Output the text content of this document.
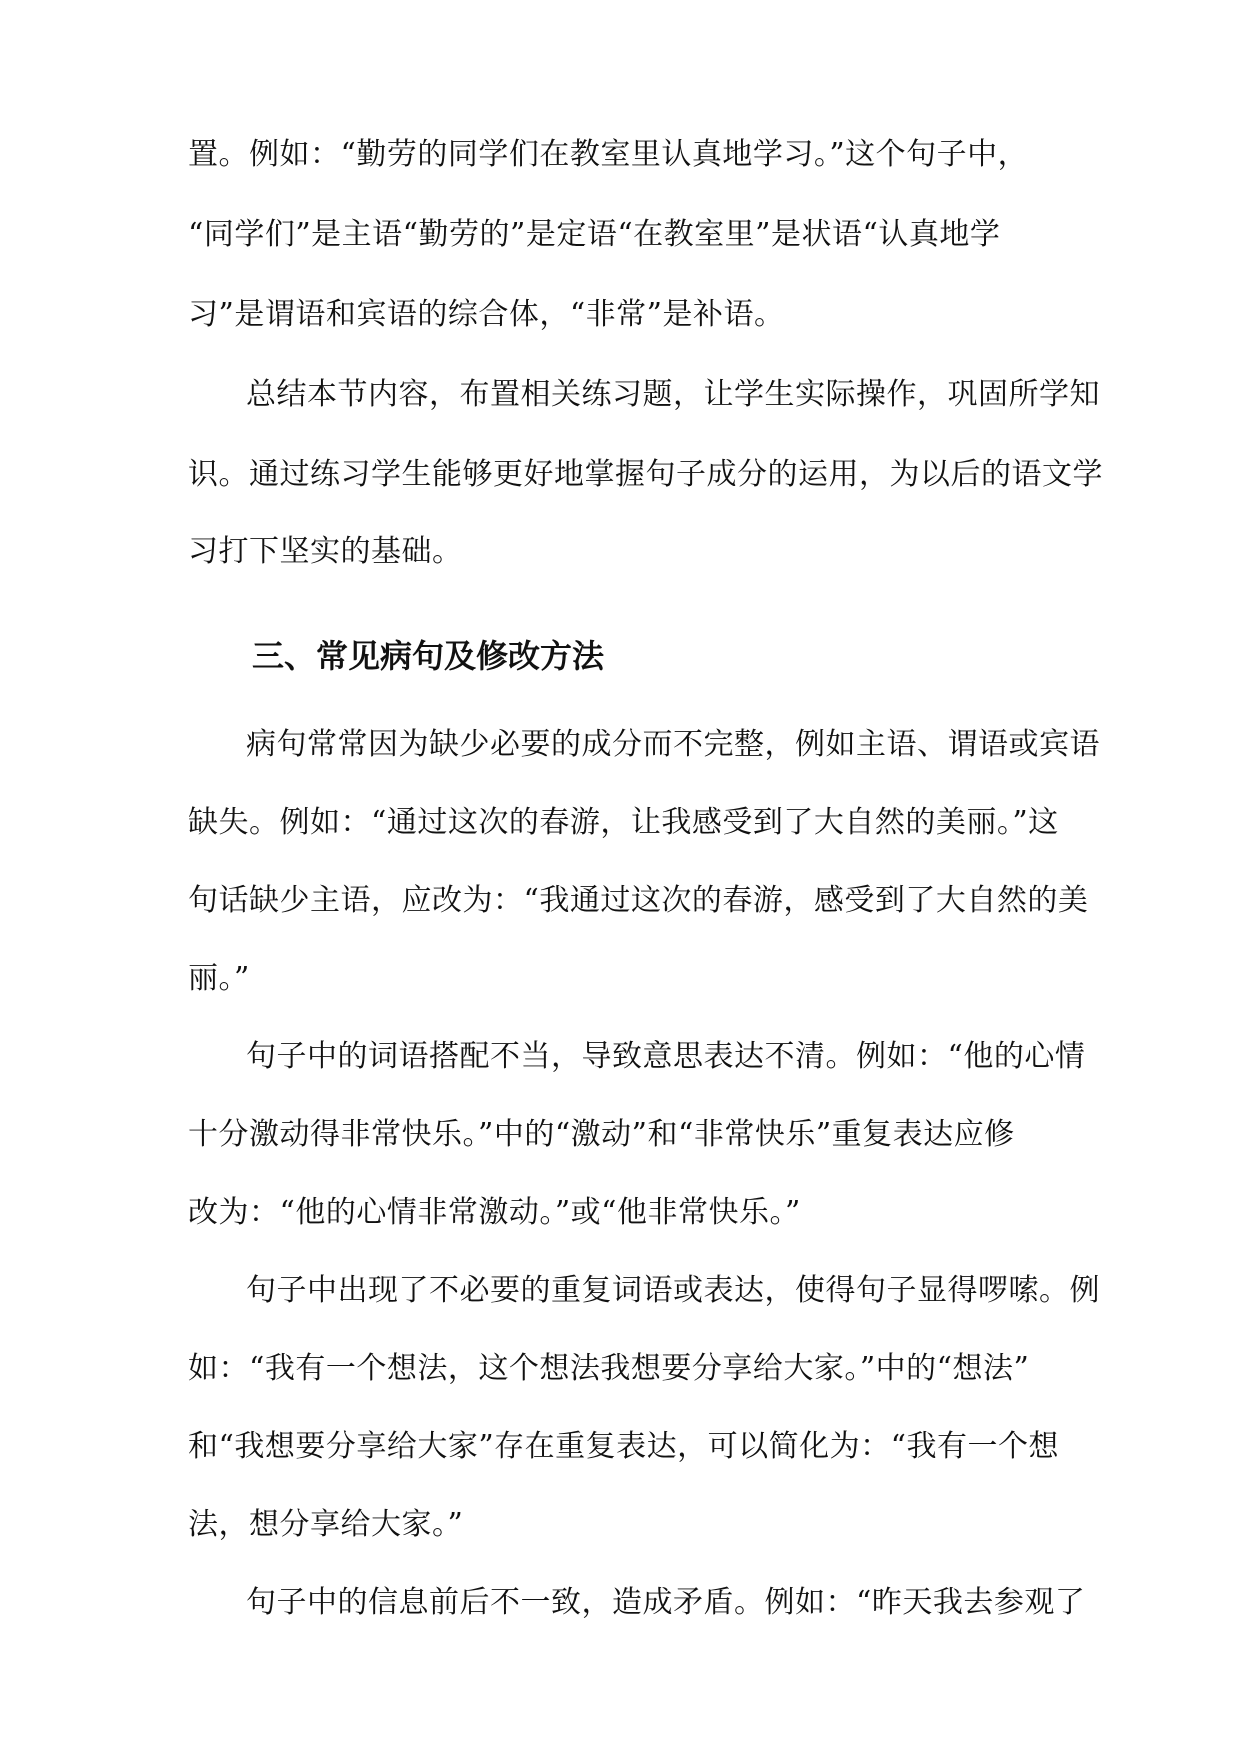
置。例如：“勤劳的同学们在教室里认真地学习。”这个句子中，
“同学们”是主语“勤劳的”是定语“在教室里”是状语“认真地学
习”是谓语和宾语的综合体，“非常”是补语。
总结本节内容，布置相关练习题，让学生实际操作，巩固所学知
识。通过练习学生能够更好地掌握句子成分的运用，为以后的语文学
习打下坚实的基础。
三、常见病句及修改方法
病句常常因为缺少必要的成分而不完整，例如主语、谓语或宾语
缺失。例如：“通过这次的春游，让我感受到了大自然的美丽。”这
句话缺少主语，应改为：“我通过这次的春游，感受到了大自然的美
丽。”
句子中的词语搭配不当，导致意思表达不清。例如：“他的心情
十分激动得非常快乐。”中的“激动”和“非常快乐”重复表达应修
改为：“他的心情非常激动。”或“他非常快乐。”
句子中出现了不必要的重复词语或表达，使得句子显得啰嗦。例
如：“我有一个想法，这个想法我想要分享给大家。”中的“想法”
和“我想要分享给大家”存在重复表达，可以简化为：“我有一个想
法，想分享给大家。”
句子中的信息前后不一致，造成矛盾。例如：“昨天我去参观了
